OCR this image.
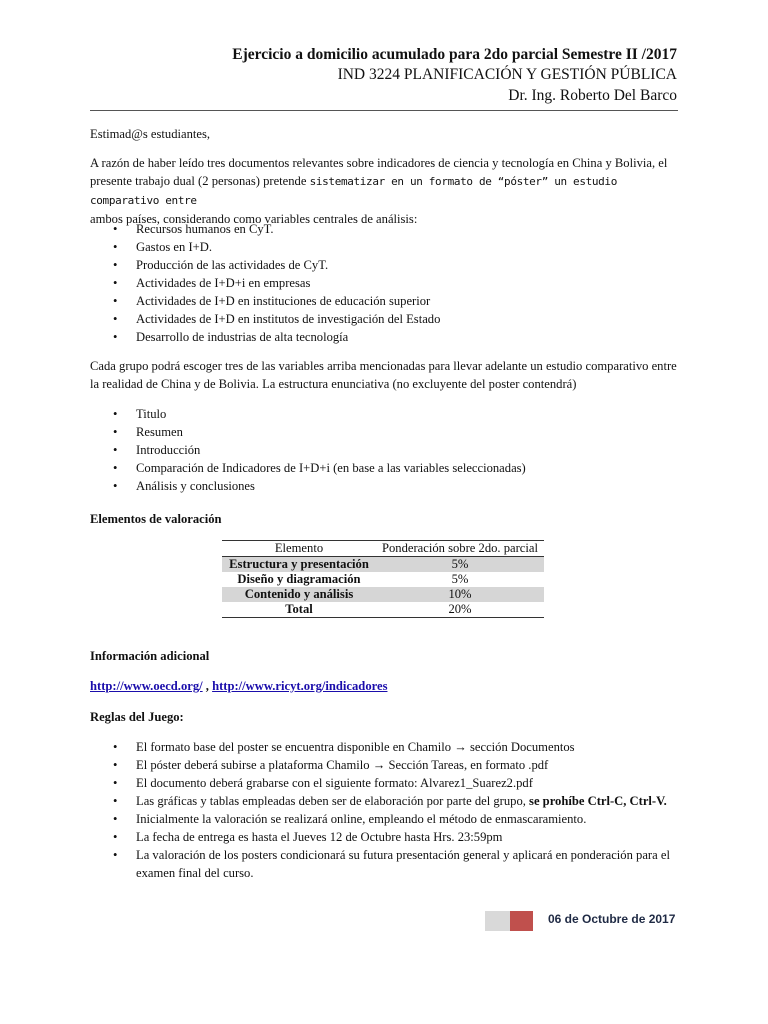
Ejercicio a domicilio acumulado para 2do parcial Semestre II /2017
IND 3224 PLANIFICACIÓN Y GESTIÓN PÚBLICA
Dr. Ing. Roberto Del Barco
Estimad@s estudiantes,
A razón de haber leído tres documentos relevantes sobre indicadores de ciencia y tecnología en China y Bolivia, el
presente trabajo dual (2 personas) pretende sistematizar en un formato de “póster” un estudio comparativo entre
ambos países, considerando como variables centrales de análisis:
• Recursos humanos en CyT.
• Gastos en I+D.
• Producción de las actividades de CyT.
• Actividades de I+D+i en empresas
• Actividades de I+D en instituciones de educación superior
• Actividades de I+D en institutos de investigación del Estado
• Desarrollo de industrias de alta tecnología
Cada grupo podrá escoger tres de las variables arriba mencionadas para llevar adelante un estudio comparativo entre
la realidad de China y de Bolivia. La estructura enunciativa (no excluyente del poster contendrá)
• Titulo
• Resumen
• Introducción
• Comparación de Indicadores de I+D+i (en base a las variables seleccionadas)
• Análisis y conclusiones
Elementos de valoración
Elemento	Ponderación sobre 2do. parcial
Estructura y presentación	5%
Diseño y diagramación	5%
Contenido y análisis	10%
Total	20%
Información adicional
http://www.oecd.org/ , http://www.ricyt.org/indicadores
Reglas del Juego:
• El formato base del poster se encuentra disponible en Chamilo → sección Documentos
• El póster deberá subirse a plataforma Chamilo → Sección Tareas, en formato .pdf
• El documento deberá grabarse con el siguiente formato: Alvarez1_Suarez2.pdf
• Las gráficas y tablas empleadas deben ser de elaboración por parte del grupo, se prohíbe Ctrl-C, Ctrl-V.
• Inicialmente la valoración se realizará online, empleando el método de enmascaramiento.
• La fecha de entrega es hasta el Jueves 12 de Octubre hasta Hrs. 23:59pm
• La valoración de los posters condicionará su futura presentación general y aplicará en ponderación para el
examen final del curso.
06 de Octubre de 2017
